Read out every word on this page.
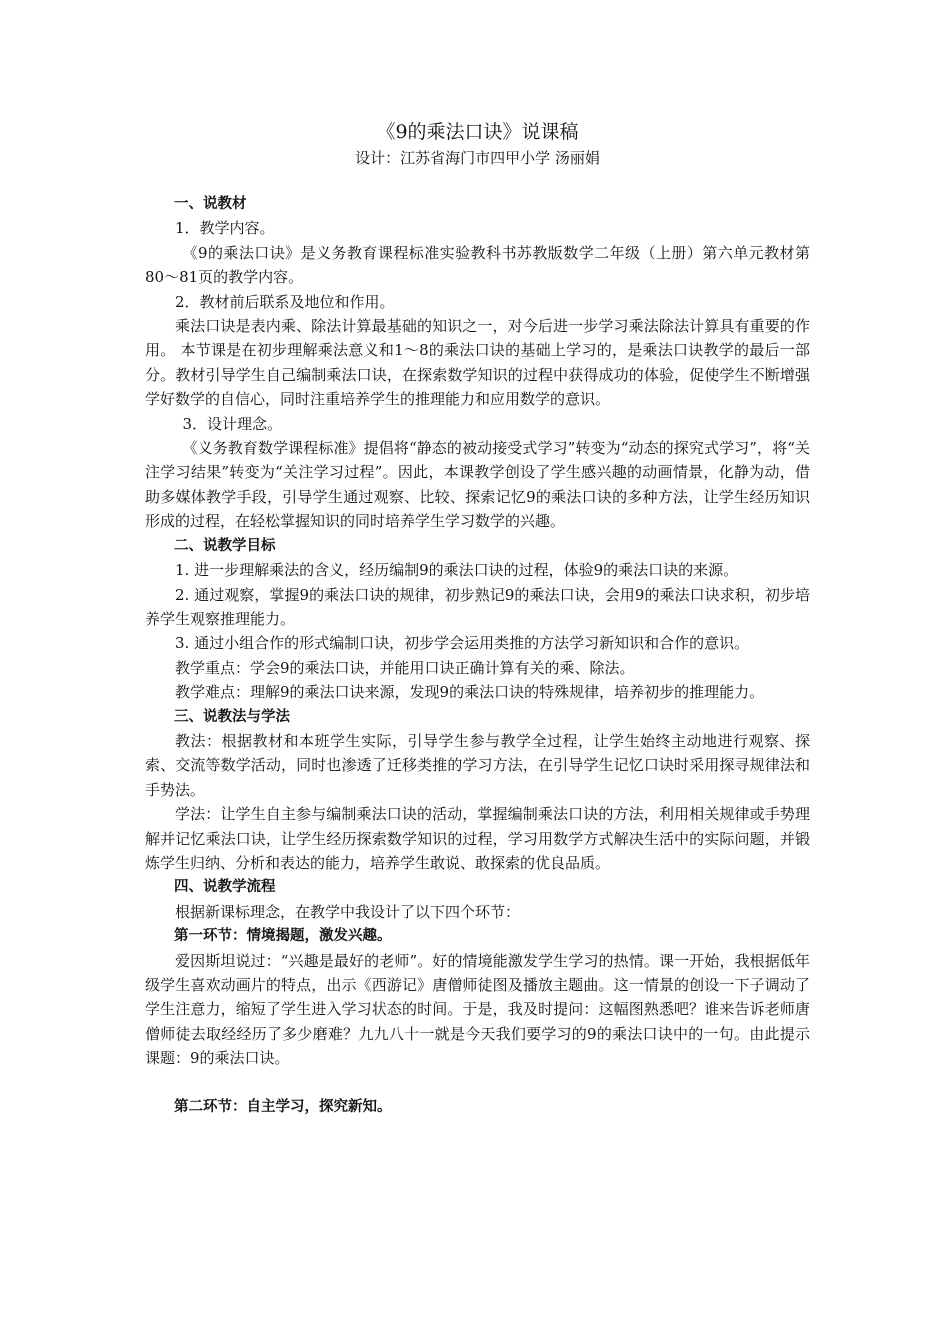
《9的乘法口诀》说课稿

设计：江苏省海门市四甲小学 汤丽娟

一、说教材

1．教学内容。

《9的乘法口诀》是义务教育课程标准实验教科书苏教版数学二年级（上册）第六单元教材第80～81页的教学内容。

2．教材前后联系及地位和作用。

乘法口诀是表内乘、除法计算最基础的知识之一，对今后进一步学习乘法除法计算具有重要的作用。 本节课是在初步理解乘法意义和1～8的乘法口诀的基础上学习的，是乘法口诀教学的最后一部分。教材引导学生自己编制乘法口诀，在探索数学知识的过程中获得成功的体验，促使学生不断增强学好数学的自信心，同时注重培养学生的推理能力和应用数学的意识。

3．设计理念。

《义务教育数学课程标准》提倡将“静态的被动接受式学习”转变为“动态的探究式学习”，将“关注学习结果”转变为“关注学习过程”。因此，本课教学创设了学生感兴趣的动画情景，化静为动，借助多媒体教学手段，引导学生通过观察、比较、探索记忆9的乘法口诀的多种方法，让学生经历知识形成的过程，在轻松掌握知识的同时培养学生学习数学的兴趣。

二、说教学目标

1. 进一步理解乘法的含义，经历编制9的乘法口诀的过程，体验9的乘法口诀的来源。

2. 通过观察，掌握9的乘法口诀的规律，初步熟记9的乘法口诀，会用9的乘法口诀求积，初步培养学生观察推理能力。

3. 通过小组合作的形式编制口诀，初步学会运用类推的方法学习新知识和合作的意识。

教学重点：学会9的乘法口诀，并能用口诀正确计算有关的乘、除法。

教学难点：理解9的乘法口诀来源，发现9的乘法口诀的特殊规律，培养初步的推理能力。

三、说教法与学法

教法：根据教材和本班学生实际，引导学生参与教学全过程，让学生始终主动地进行观察、探索、交流等数学活动，同时也渗透了迁移类推的学习方法，在引导学生记忆口诀时采用探寻规律法和手势法。

学法：让学生自主参与编制乘法口诀的活动，掌握编制乘法口诀的方法，利用相关规律或手势理解并记忆乘法口诀，让学生经历探索数学知识的过程，学习用数学方式解决生活中的实际问题，并锻炼学生归纳、分析和表达的能力，培养学生敢说、敢探索的优良品质。

四、说教学流程

根据新课标理念，在教学中我设计了以下四个环节：

第一环节：情境揭题，激发兴趣。

爱因斯坦说过：“兴趣是最好的老师”。好的情境能激发学生学习的热情。课一开始，我根据低年级学生喜欢动画片的特点，出示《西游记》唐僧师徒图及播放主题曲。这一情景的创设一下子调动了学生注意力，缩短了学生进入学习状态的时间。于是，我及时提问：这幅图熟悉吧？谁来告诉老师唐僧师徒去取经经历了多少磨难？九九八十一就是今天我们要学习的9的乘法口诀中的一句。由此提示课题：9的乘法口诀。

第二环节：自主学习，探究新知。
